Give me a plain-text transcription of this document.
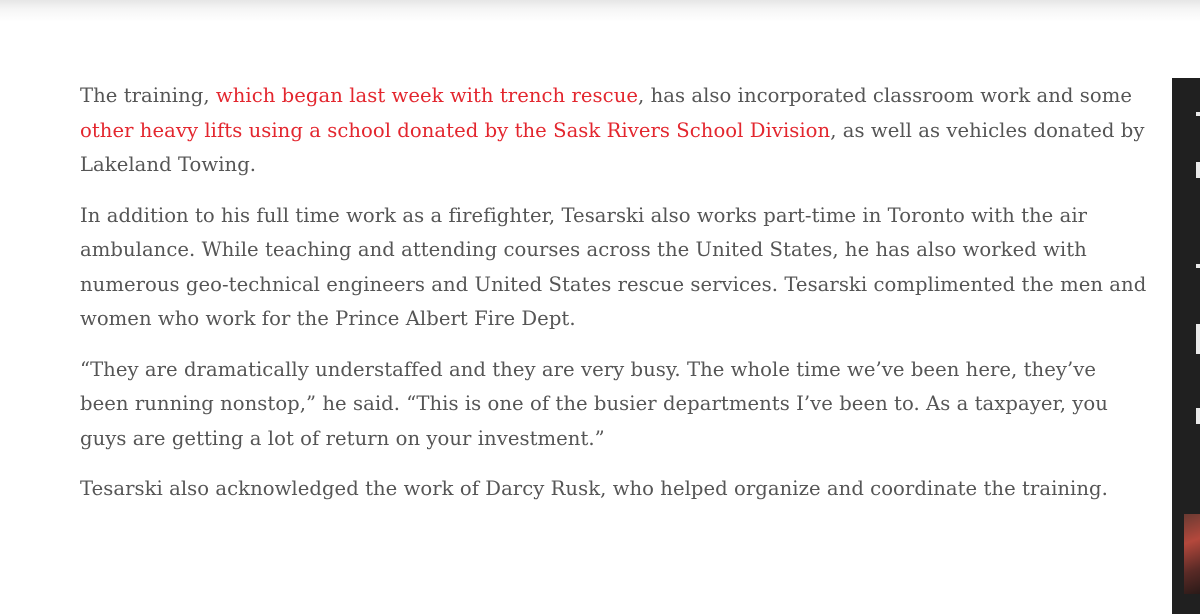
The training, which began last week with trench rescue, has also incorporated classroom work and some other heavy lifts using a school donated by the Sask Rivers School Division, as well as vehicles donated by Lakeland Towing.

In addition to his full time work as a firefighter, Tesarski also works part-time in Toronto with the air ambulance. While teaching and attending courses across the United States, he has also worked with numerous geo-technical engineers and United States rescue services. Tesarski complimented the men and women who work for the Prince Albert Fire Dept.

“They are dramatically understaffed and they are very busy. The whole time we’ve been here, they’ve been running nonstop,” he said. “This is one of the busier departments I’ve been to. As a taxpayer, you guys are getting a lot of return on your investment.”

Tesarski also acknowledged the work of Darcy Rusk, who helped organize and coordinate the training.
